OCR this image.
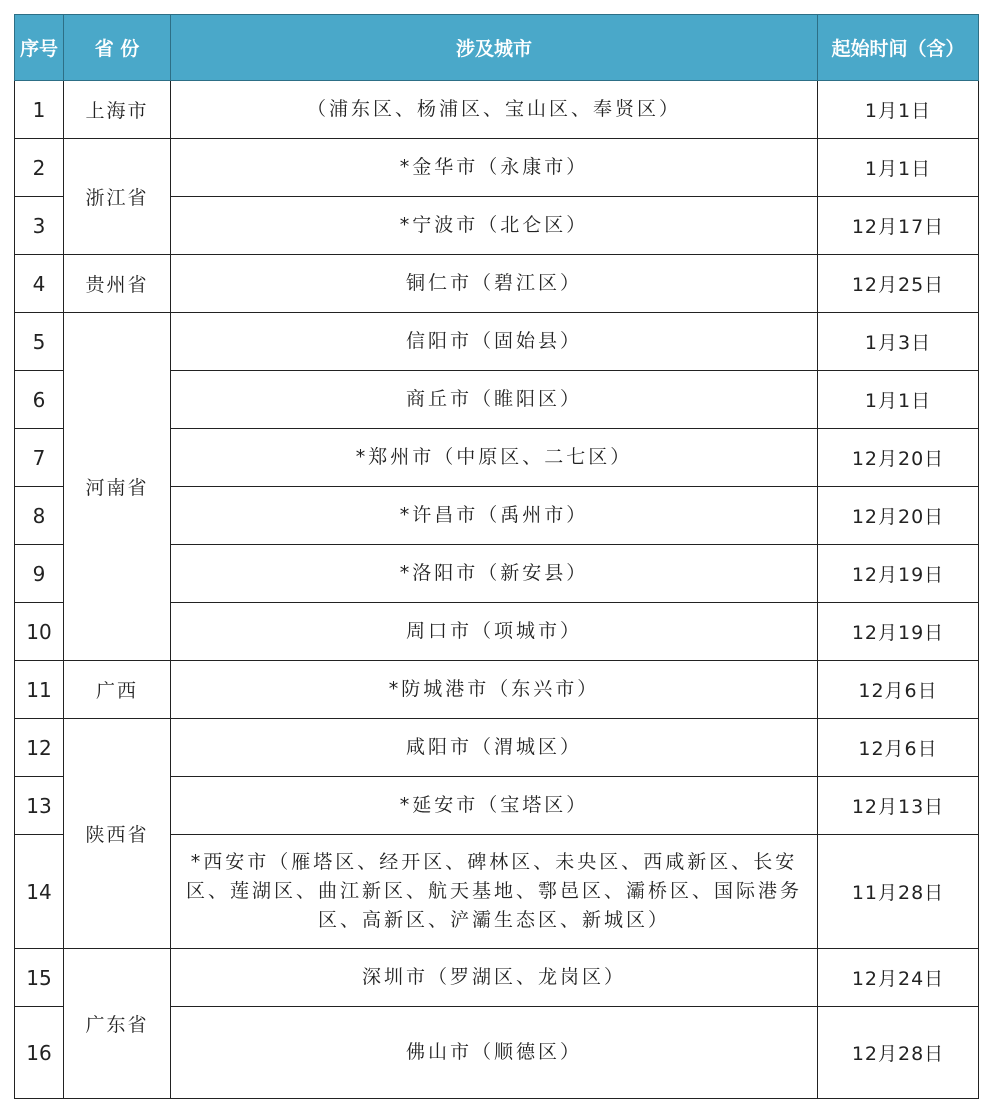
序号	省 份	涉及城市	起始时间（含）
1	上海市	（浦东区、杨浦区、宝山区、奉贤区）	1月1日
2	浙江省	*金华市（永康市）	1月1日
3		*宁波市（北仑区）	12月17日
4	贵州省	铜仁市（碧江区）	12月25日
5	河南省	信阳市（固始县）	1月3日
6		商丘市（睢阳区）	1月1日
7		*郑州市（中原区、二七区）	12月20日
8		*许昌市（禹州市）	12月20日
9		*洛阳市（新安县）	12月19日
10		周口市（项城市）	12月19日
11	广西	*防城港市（东兴市）	12月6日
12	陕西省	咸阳市（渭城区）	12月6日
13		*延安市（宝塔区）	12月13日
14		*西安市（雁塔区、经开区、碑林区、未央区、西咸新区、长安区、莲湖区、曲江新区、航天基地、鄠邑区、灞桥区、国际港务区、高新区、浐灞生态区、新城区）	11月28日
15	广东省	深圳市（罗湖区、龙岗区）	12月24日
16		佛山市（顺德区）	12月28日
